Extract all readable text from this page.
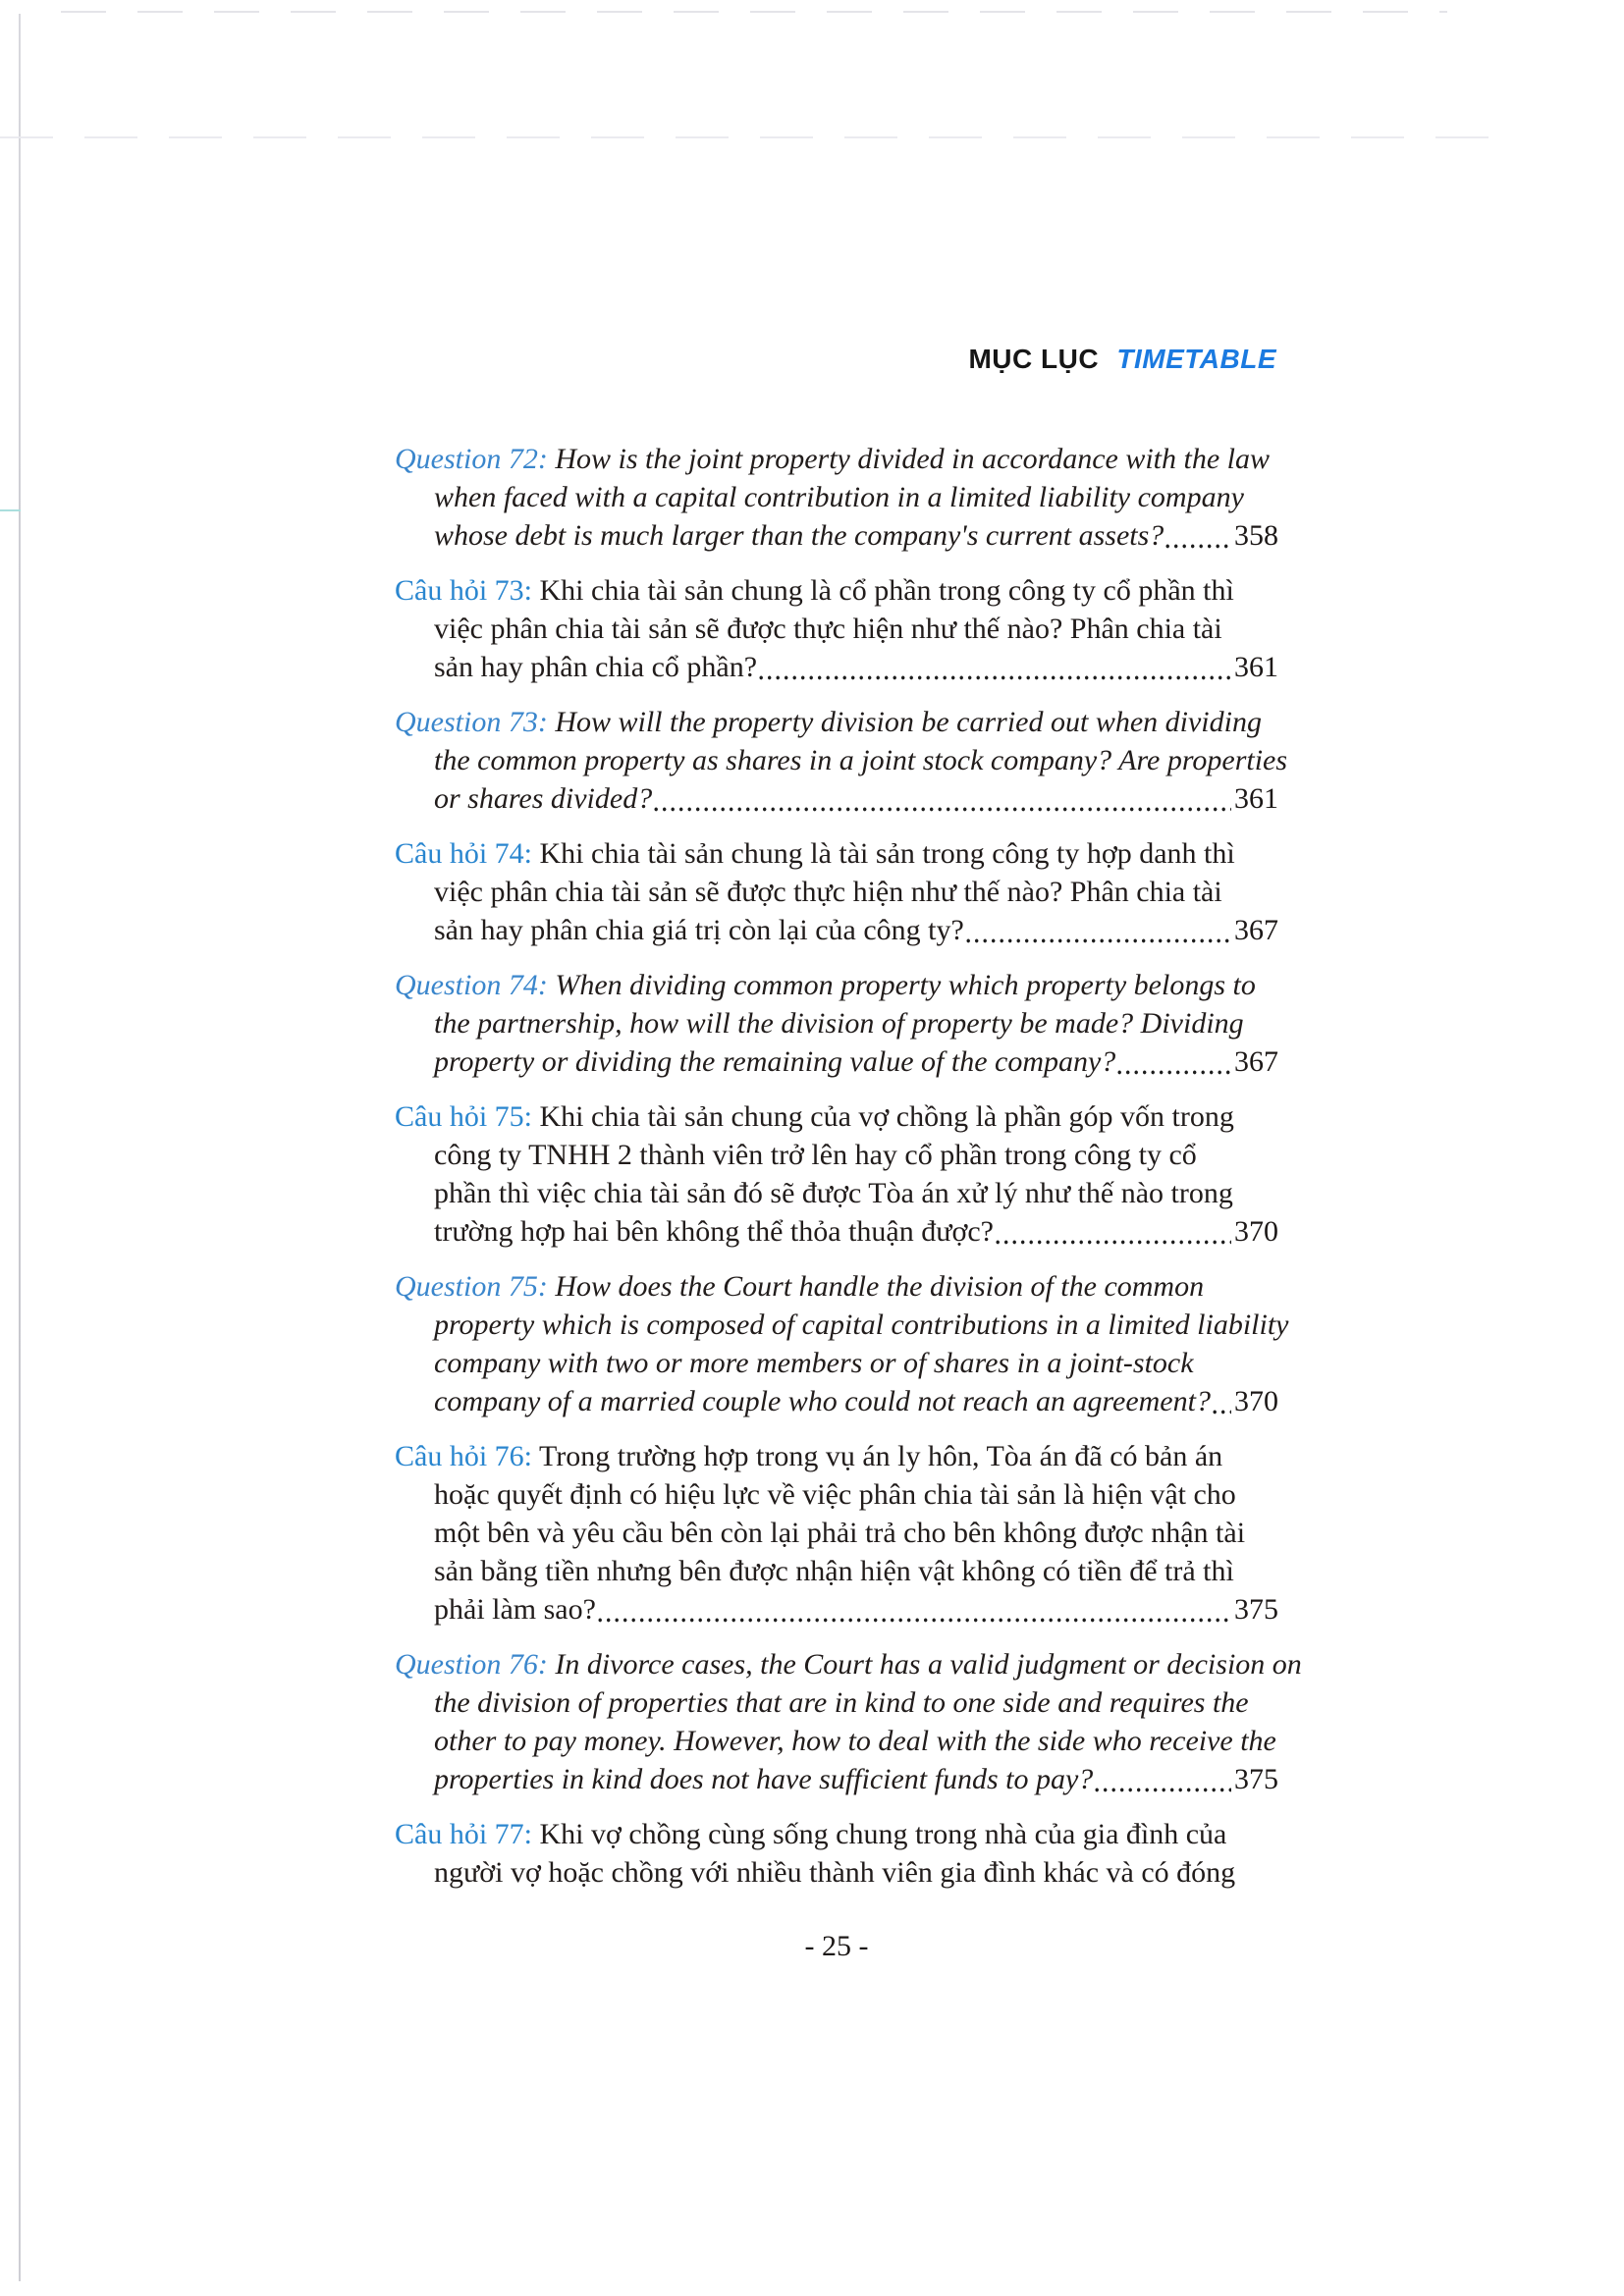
MỤC LỤC TIMETABLE
Question 72: How is the joint property divided in accordance with the law
when faced with a capital contribution in a limited liability company
whose debt is much larger than the company's current assets? 358
Câu hỏi 73: Khi chia tài sản chung là cổ phần trong công ty cổ phần thì
việc phân chia tài sản sẽ được thực hiện như thế nào? Phân chia tài
sản hay phân chia cổ phần?	361
Question 73: How will the property division be carried out when dividing
the common property as shares in a joint stock company? Are properties
or shares divided?	361
Câu hỏi 74: Khi chia tài sản chung là tài sản trong công ty hợp danh thì
việc phân chia tài sản sẽ được thực hiện như thế nào? Phân chia tài
sản hay phân chia giá trị còn lại của công ty?	367
Question 74: When dividing common property which property belongs to
the partnership, how will the division of property be made? Dividing
property or dividing the remaining value of the company?	367
Câu hỏi 75: Khi chia tài sản chung của vợ chồng là phần góp vốn trong
công ty TNHH 2 thành viên trở lên hay cổ phần trong công ty cổ
phần thì việc chia tài sản đó sẽ được Tòa án xử lý như thế nào trong
trường hợp hai bên không thể thỏa thuận được?	370
Question 75: How does the Court handle the division of the common
property which is composed of capital contributions in a limited liability
company with two or more members or of shares in a joint-stock
company of a married couple who could not reach an agreement? 370
Câu hỏi 76: Trong trường hợp trong vụ án ly hôn, Tòa án đã có bản án
hoặc quyết định có hiệu lực về việc phân chia tài sản là hiện vật cho
một bên và yêu cầu bên còn lại phải trả cho bên không được nhận tài
sản bằng tiền nhưng bên được nhận hiện vật không có tiền để trả thì
phải làm sao?	375
Question 76: In divorce cases, the Court has a valid judgment or decision on
the division of properties that are in kind to one side and requires the
other to pay money. However, how to deal with the side who receive the
properties in kind does not have sufficient funds to pay?	375
Câu hỏi 77: Khi vợ chồng cùng sống chung trong nhà của gia đình của
người vợ hoặc chồng với nhiều thành viên gia đình khác và có đóng
- 25 -
